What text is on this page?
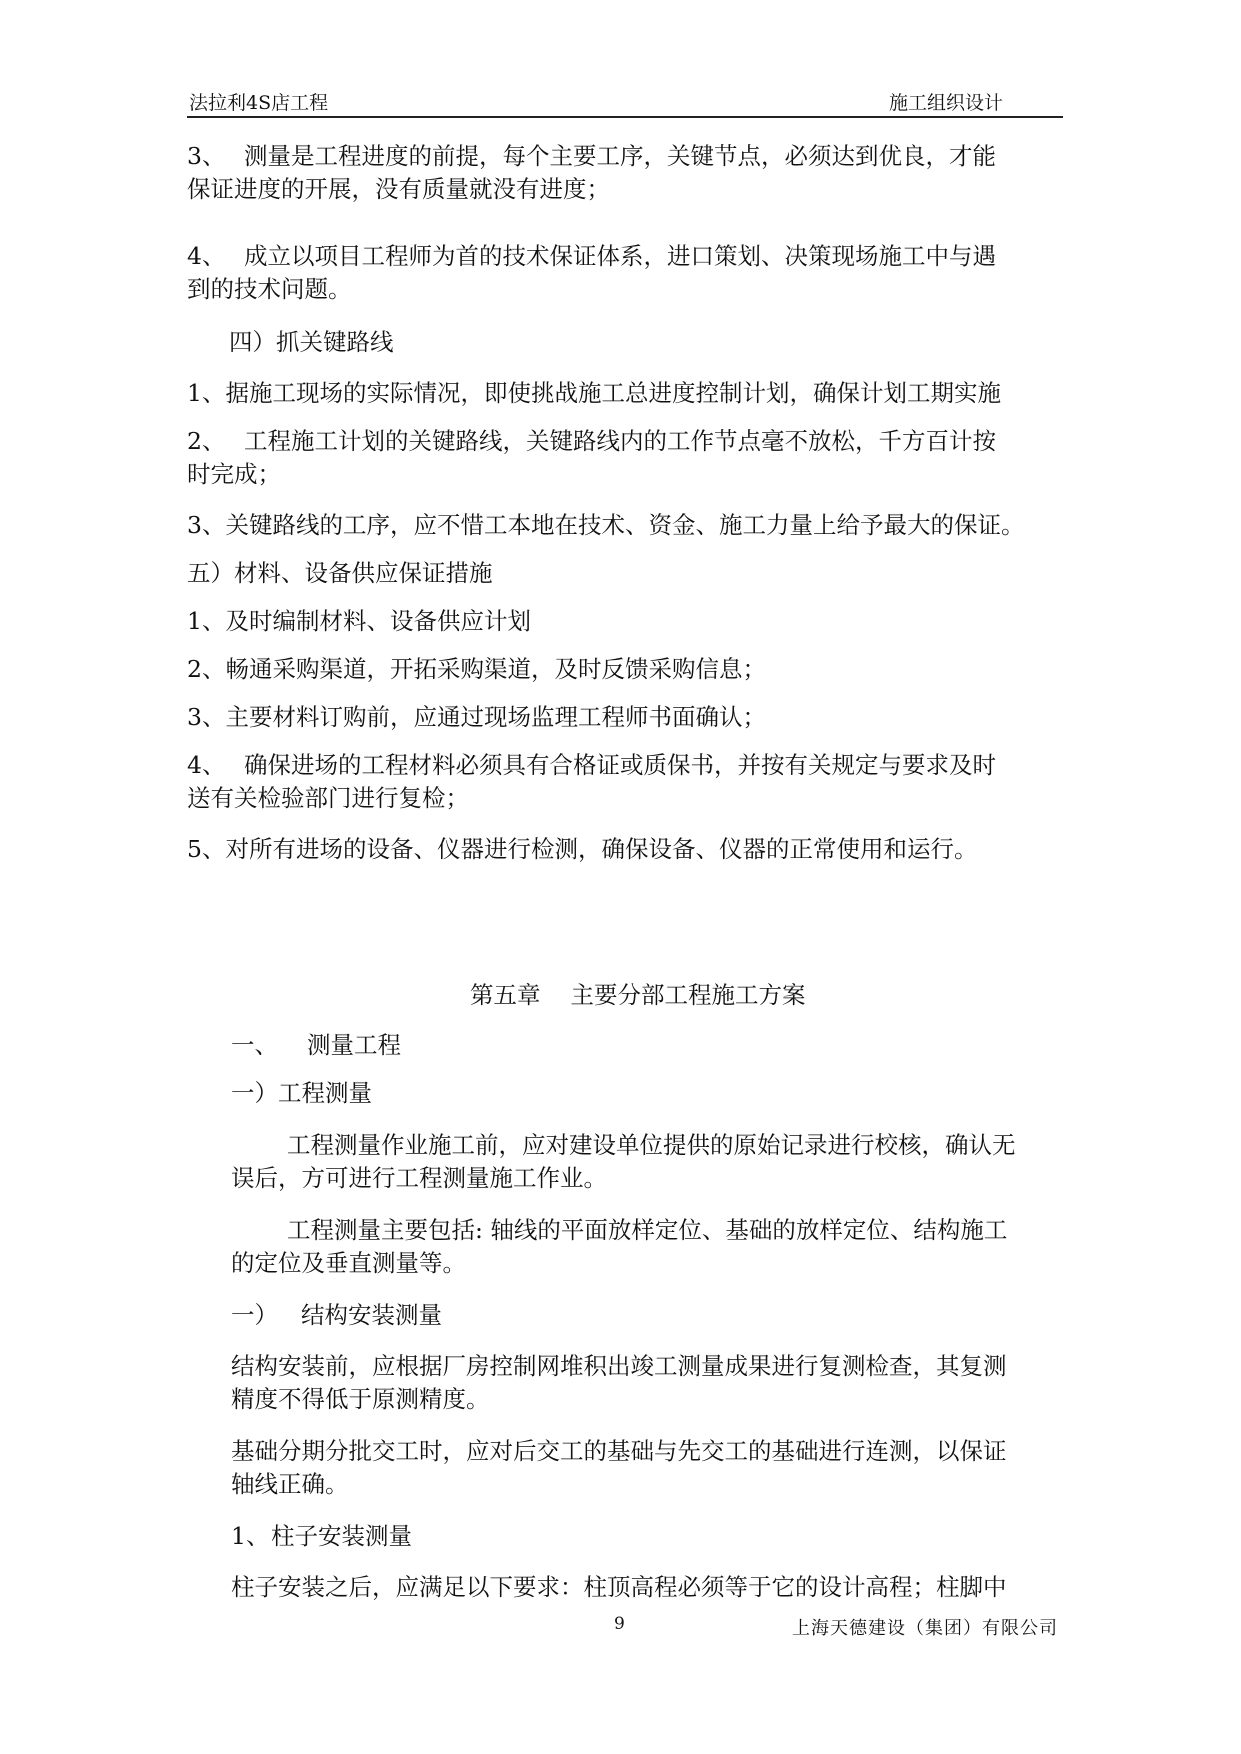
法拉利4S店工程	施工组织设计
3、 测量是工程进度的前提，每个主要工序，关键节点，必须达到优良，才能
保证进度的开展，没有质量就没有进度；
4、 成立以项目工程师为首的技术保证体系，进口策划、决策现场施工中与遇
到的技术问题。
四）抓关键路线
1、据施工现场的实际情况，即使挑战施工总进度控制计划，确保计划工期实施
2、 工程施工计划的关键路线，关键路线内的工作节点毫不放松，千方百计按
时完成；
3、关键路线的工序，应不惜工本地在技术、资金、施工力量上给予最大的保证。
五）材料、设备供应保证措施
1、及时编制材料、设备供应计划
2、畅通采购渠道，开拓采购渠道，及时反馈采购信息；
3、主要材料订购前，应通过现场监理工程师书面确认；
4、 确保进场的工程材料必须具有合格证或质保书，并按有关规定与要求及时
送有关检验部门进行复检；
5、对所有进场的设备、仪器进行检测，确保设备、仪器的正常使用和运行。
第五章 主要分部工程施工方案
一、 测量工程
一）工程测量
工程测量作业施工前，应对建设单位提供的原始记录进行校核，确认无
误后，方可进行工程测量施工作业。
工程测量主要包括: 轴线的平面放样定位、基础的放样定位、结构施工
的定位及垂直测量等。
一） 结构安装测量
结构安装前，应根据厂房控制网堆积出竣工测量成果进行复测检查，其复测
精度不得低于原测精度。
基础分期分批交工时，应对后交工的基础与先交工的基础进行连测，以保证
轴线正确。
1、柱子安装测量
柱子安装之后，应满足以下要求：柱顶高程必须等于它的设计高程；柱脚中
9	上海天德建设（集团）有限公司
